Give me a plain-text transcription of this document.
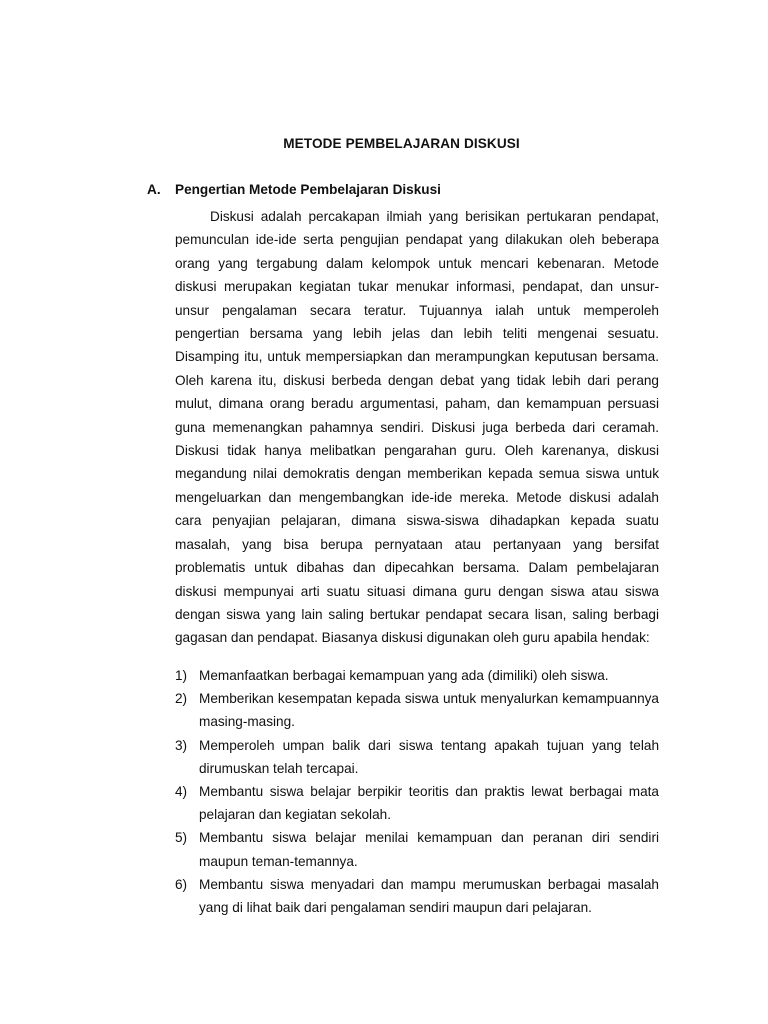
METODE PEMBELAJARAN DISKUSI
A. Pengertian Metode Pembelajaran Diskusi
Diskusi adalah percakapan ilmiah yang berisikan pertukaran pendapat, pemunculan ide-ide serta pengujian pendapat yang dilakukan oleh beberapa orang yang tergabung dalam kelompok untuk mencari kebenaran. Metode diskusi merupakan kegiatan tukar menukar informasi, pendapat, dan unsur-unsur pengalaman secara teratur. Tujuannya ialah untuk memperoleh pengertian bersama yang lebih jelas dan lebih teliti mengenai sesuatu. Disamping itu, untuk mempersiapkan dan merampungkan keputusan bersama. Oleh karena itu, diskusi berbeda dengan debat yang tidak lebih dari perang mulut, dimana orang beradu argumentasi, paham, dan kemampuan persuasi guna memenangkan pahamnya sendiri. Diskusi juga berbeda dari ceramah. Diskusi tidak hanya melibatkan pengarahan guru. Oleh karenanya, diskusi megandung nilai demokratis dengan memberikan kepada semua siswa untuk mengeluarkan dan mengembangkan ide-ide mereka. Metode diskusi adalah cara penyajian pelajaran, dimana siswa-siswa dihadapkan kepada suatu masalah, yang bisa berupa pernyataan atau pertanyaan yang bersifat problematis untuk dibahas dan dipecahkan bersama. Dalam pembelajaran diskusi mempunyai arti suatu situasi dimana guru dengan siswa atau siswa dengan siswa yang lain saling bertukar pendapat secara lisan, saling berbagi gagasan dan pendapat. Biasanya diskusi digunakan oleh guru apabila hendak:
1) Memanfaatkan berbagai kemampuan yang ada (dimiliki) oleh siswa.
2) Memberikan kesempatan kepada siswa untuk menyalurkan kemampuannya masing-masing.
3) Memperoleh umpan balik dari siswa tentang apakah tujuan yang telah dirumuskan telah tercapai.
4) Membantu siswa belajar berpikir teoritis dan praktis lewat berbagai mata pelajaran dan kegiatan sekolah.
5) Membantu siswa belajar menilai kemampuan dan peranan diri sendiri maupun teman-temannya.
6) Membantu siswa menyadari dan mampu merumuskan berbagai masalah yang di lihat baik dari pengalaman sendiri maupun dari pelajaran.
